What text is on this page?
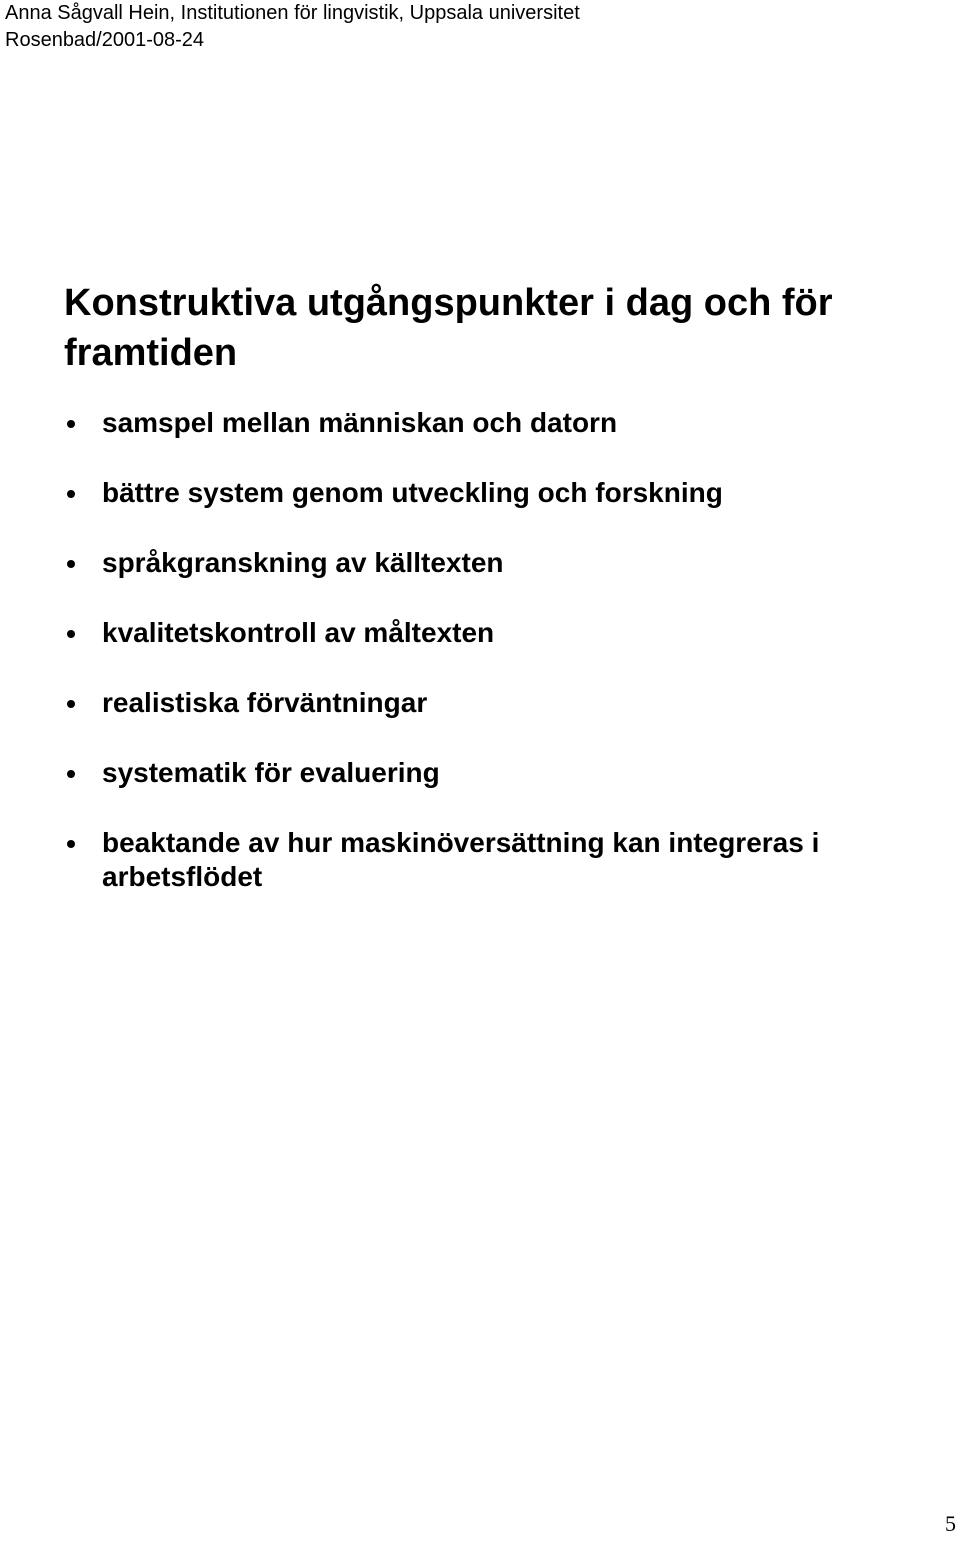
Anna Sågvall Hein, Institutionen för lingvistik, Uppsala universitet
Rosenbad/2001-08-24
Konstruktiva utgångspunkter i dag och för framtiden
samspel mellan människan och datorn
bättre system genom utveckling och forskning
språkgranskning av källtexten
kvalitetskontroll av måltexten
realistiska förväntningar
systematik för evaluering
beaktande av hur maskinöversättning kan integreras i arbetsflödet
5
